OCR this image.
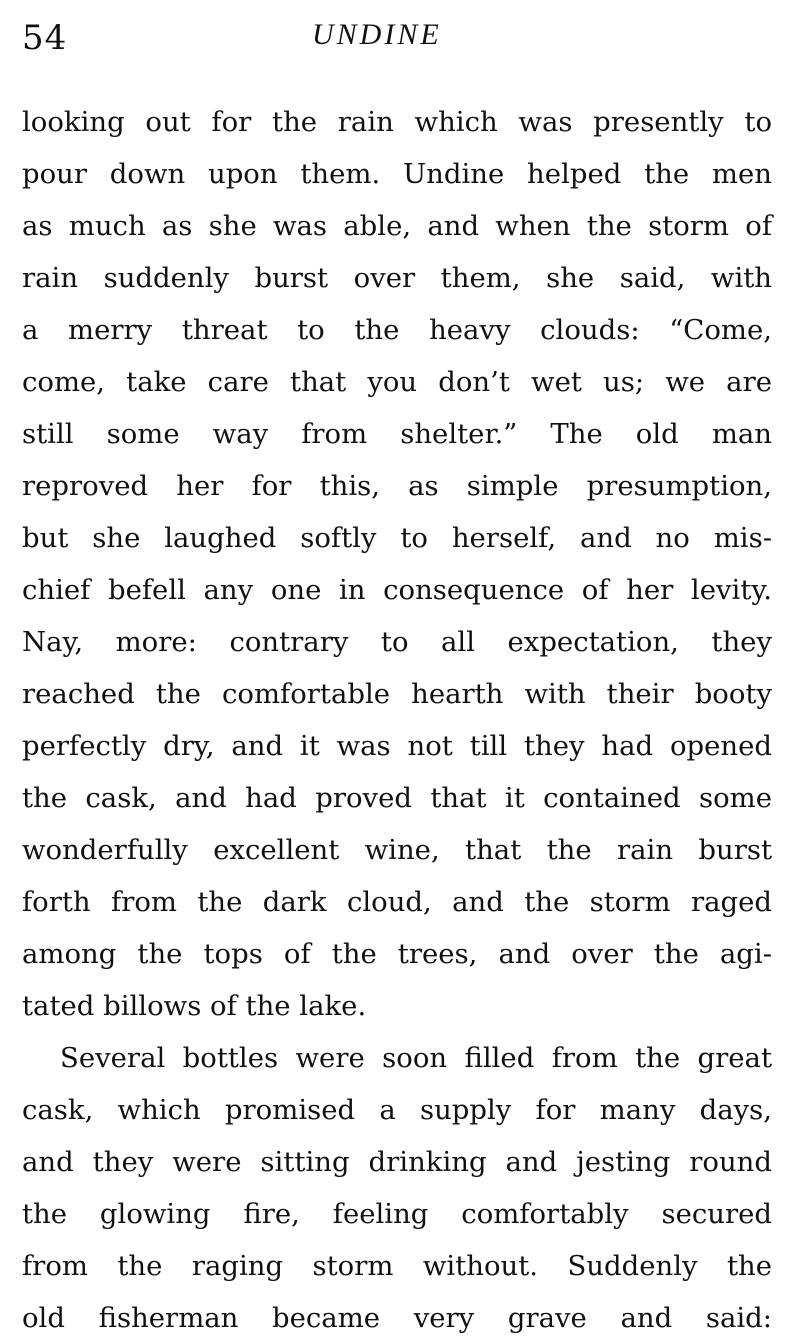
54	UNDINE
looking out for the rain which was presently to
pour down upon them. Undine helped the men
as much as she was able, and when the storm of
rain suddenly burst over them, she said, with
a merry threat to the heavy clouds: “Come,
come, take care that you don’t wet us; we are
still some way from shelter.” The old man
reproved her for this, as simple presumption,
but she laughed softly to herself, and no mis-
chief befell any one in consequence of her levity.
Nay, more: contrary to all expectation, they
reached the comfortable hearth with their booty
perfectly dry, and it was not till they had opened
the cask, and had proved that it contained some
wonderfully excellent wine, that the rain burst
forth from the dark cloud, and the storm raged
among the tops of the trees, and over the agi-
tated billows of the lake.
Several bottles were soon filled from the great
cask, which promised a supply for many days,
and they were sitting drinking and jesting round
the glowing fire, feeling comfortably secured
from the raging storm without. Suddenly the
old fisherman became very grave and said:
